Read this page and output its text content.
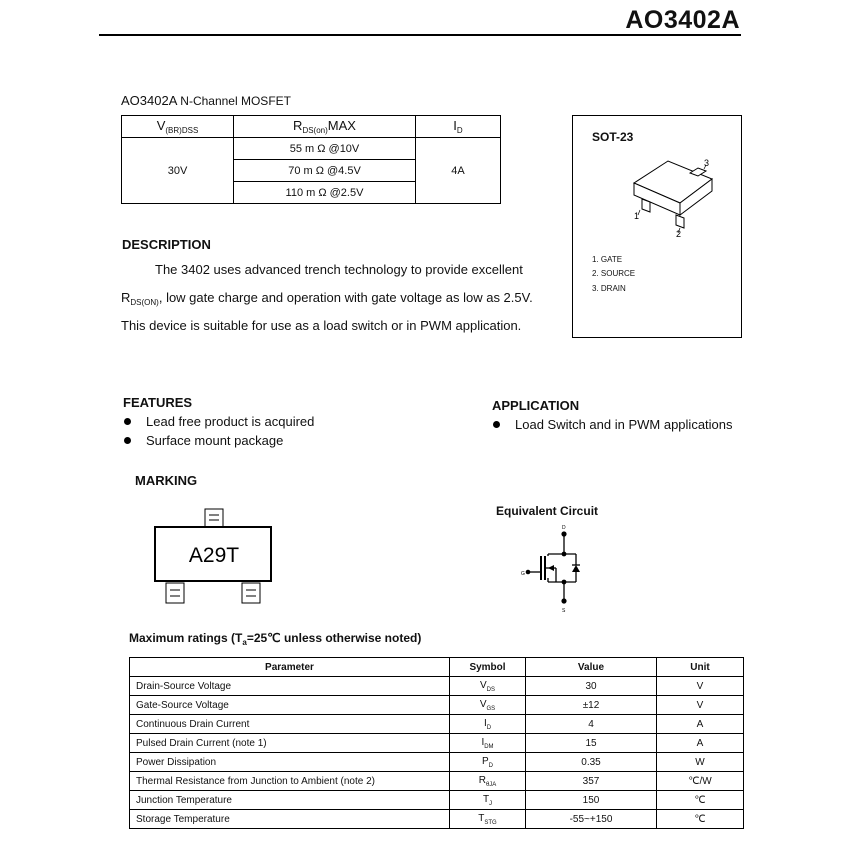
AO3402A
AO3402A N-Channel MOSFET
$V_{(BR)DSS}$	$R_{DS(on)}MAX$	$I_D$
30V	55 m Ω @10V	4A
	70 m Ω @4.5V	
	110 m Ω @2.5V	
SOT-23
1
2
3
1. GATE
2. SOURCE
3. DRAIN
DESCRIPTION
The 3402 uses advanced trench technology to provide excellent
$R_{DS(ON)}$, low gate charge and operation with gate voltage as low as 2.5V.
This device is suitable for use as a load switch or in PWM application.
FEATURES
Lead free product is acquired
Surface mount package
APPLICATION
Load Switch and in PWM applications
MARKING
A29T
Equivalent Circuit
D
G
S
Maximum ratings ($T_a=25℃$ unless otherwise noted)
Parameter	Symbol	Value	Unit
Drain-Source Voltage	$V_{DS}$	30	V
Gate-Source Voltage	$V_{GS}$	±12	V
Continuous Drain Current	$I_D$	4	A
Pulsed Drain Current (note 1)	$I_{DM}$	15	A
Power Dissipation	$P_D$	0.35	W
Thermal Resistance from Junction to Ambient (note 2)	$R_{\theta JA}$	357	℃/W
Junction Temperature	$T_J$	150	℃
Storage Temperature	$T_{STG}$	-55~+150	℃
